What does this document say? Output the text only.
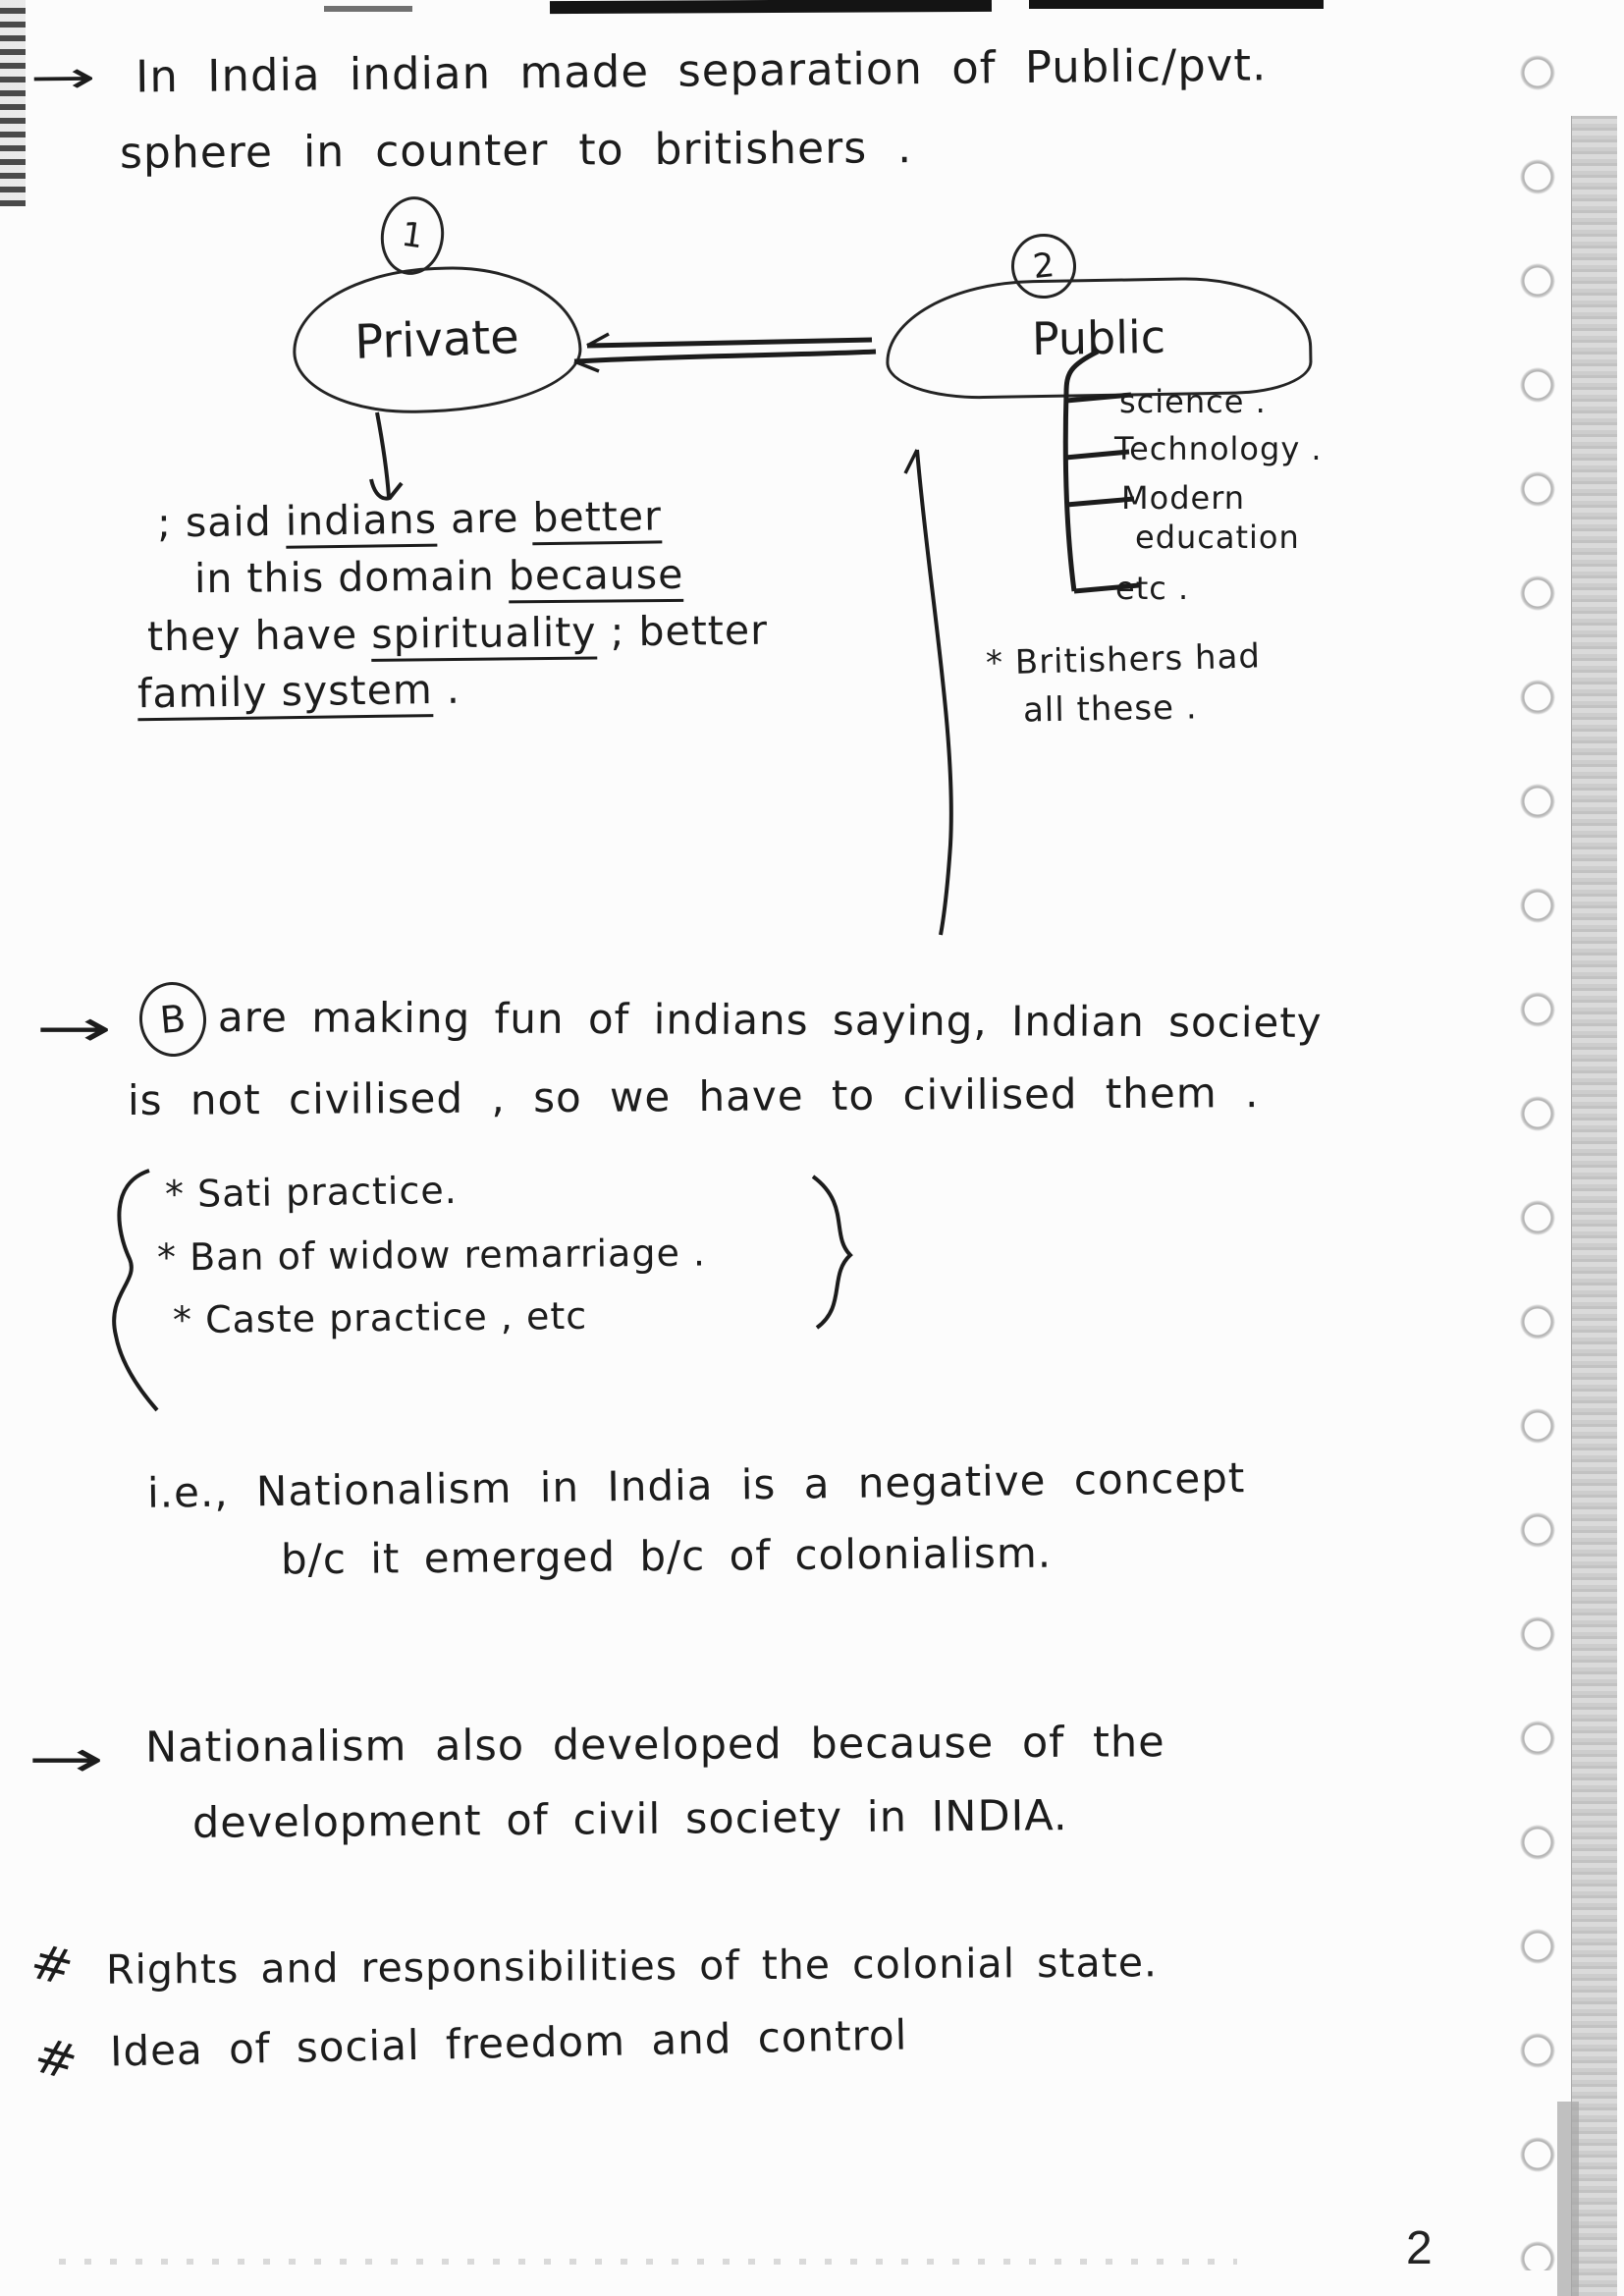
→ In India indian made separation of Public/pvt.
sphere in counter to britishers .
1
2
Private	Public
; said indians are better
in this domain because
they have spirituality ; better
family system .
science .
Technology .
Modern
education
etc .
* Britishers had
all these .
→ B are making fun of indians saying, Indian society
is not civilised , so we have to civilised them .
* Sati practice.
* Ban of widow remarriage .
* Caste practice , etc
i.e., Nationalism in India is a negative concept
b/c it emerged b/c of colonialism.
→ Nationalism also developed because of the
development of civil society in INDIA.
# Rights and responsibilities of the colonial state.
# Idea of social freedom and control
2
